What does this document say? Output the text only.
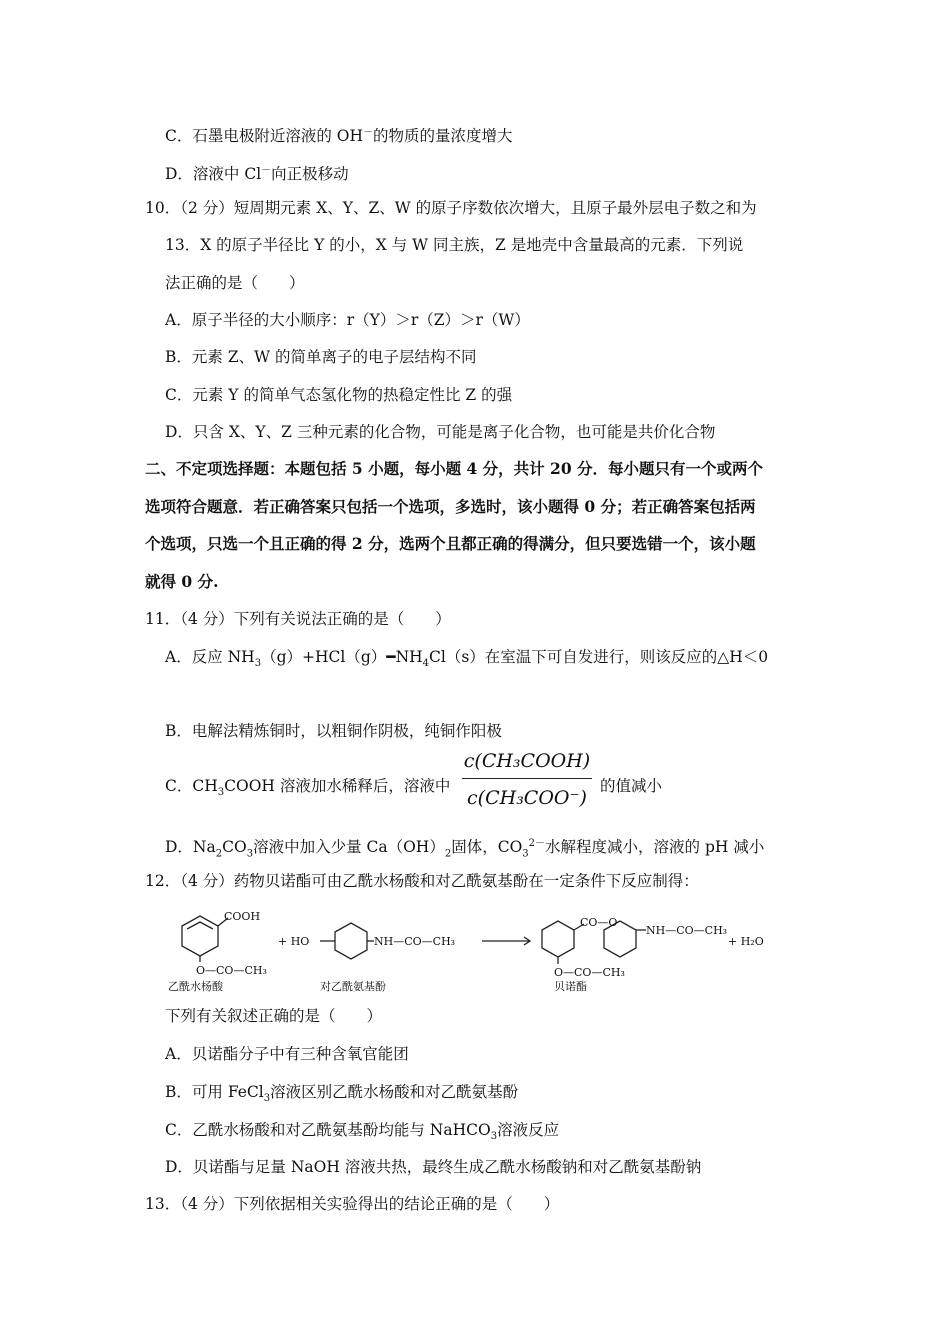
C．石墨电极附近溶液的 OH－的物质的量浓度增大
D．溶液中 Cl－向正极移动
10．（2 分）短周期元素 X、Y、Z、W 的原子序数依次增大，且原子最外层电子数之和为
13．X 的原子半径比 Y 的小，X 与 W 同主族，Z 是地壳中含量最高的元素．下列说
法正确的是（　　）
A．原子半径的大小顺序：r（Y）＞r（Z）＞r（W）
B．元素 Z、W 的简单离子的电子层结构不同
C．元素 Y 的简单气态氢化物的热稳定性比 Z 的强
D．只含 X、Y、Z 三种元素的化合物，可能是离子化合物，也可能是共价化合物
二、不定项选择题：本题包括 5 小题，每小题 4 分，共计 20 分．每小题只有一个或两个
选项符合题意．若正确答案只包括一个选项，多选时，该小题得 0 分；若正确答案包括两
个选项，只选一个且正确的得 2 分，选两个且都正确的得满分，但只要选错一个，该小题
就得 0 分.
11．（4 分）下列有关说法正确的是（　　）
A．反应 $NH_3(g)+HCl(g)━NH_4Cl(s)$在室温下可自发进行，则该反应的△H＜0
B．电解法精炼铜时，以粗铜作阴极，纯铜作阳极
C．$CH_3COOH$ 溶液加水稀释后，溶液中
c(CH₃COOH)
c(CH₃COO⁻)
的值减小
D．$Na_2CO_3$溶液中加入少量 $Ca(OH)_2$固体，$CO_3^{2-}$水解程度减小，溶液的 pH 减小
12．（4 分）药物贝诺酯可由乙酰水杨酸和对乙酰氨基酚在一定条件下反应制得：
COOH
O—CO—CH₃
+ HO	NH—CO—CH₃
CO—O
NH—CO—CH₃
O—CO—CH₃
+ H₂O
乙酰水杨酸	对乙酰氨基酚	贝诺酯
下列有关叙述正确的是（　　）
A．贝诺酯分子中有三种含氧官能团
B．可用 FeCl$_3$溶液区别乙酰水杨酸和对乙酰氨基酚
C．乙酰水杨酸和对乙酰氨基酚均能与 NaHCO$_3$溶液反应
D．贝诺酯与足量 NaOH 溶液共热，最终生成乙酰水杨酸钠和对乙酰氨基酚钠
13．（4 分）下列依据相关实验得出的结论正确的是（　　）
